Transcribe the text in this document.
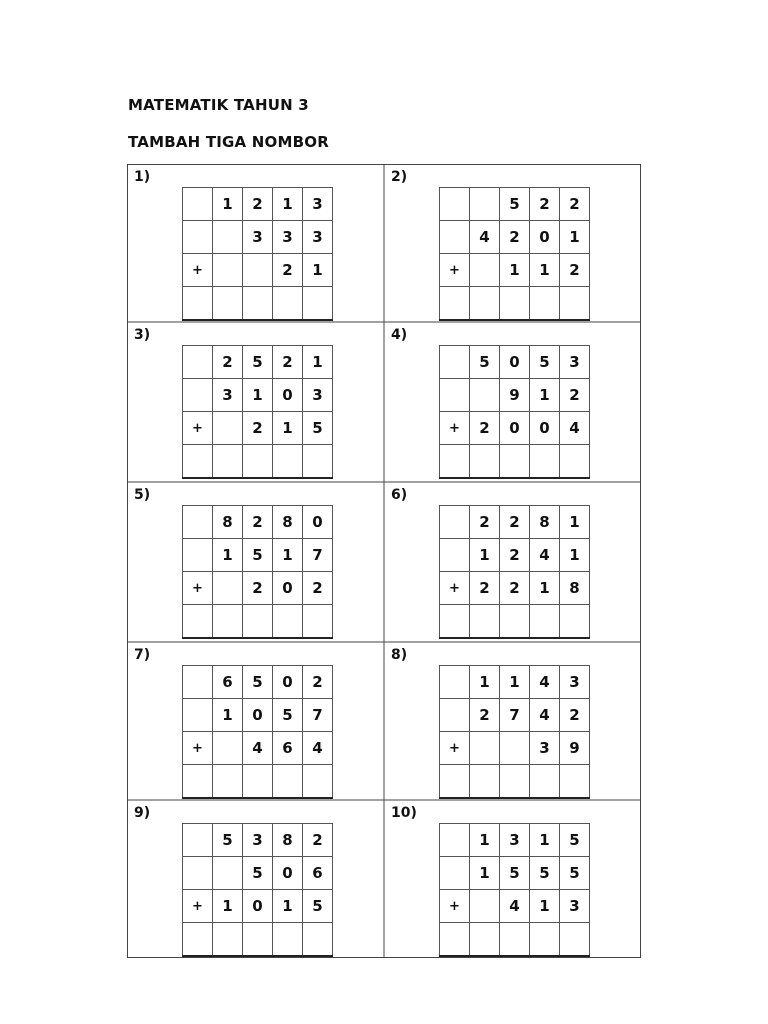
MATEMATIK TAHUN 3
TAMBAH TIGA NOMBOR
1)
	1	2	1	3
		3	3	3
+			2	1

2)
		5	2	2
	4	2	0	1
+		1	1	2

3)
	2	5	2	1
	3	1	0	3
+		2	1	5

4)
	5	0	5	3
		9	1	2
+	2	0	0	4

5)
	8	2	8	0
	1	5	1	7
+		2	0	2

6)
	2	2	8	1
	1	2	4	1
+	2	2	1	8

7)
	6	5	0	2
	1	0	5	7
+		4	6	4

8)
	1	1	4	3
	2	7	4	2
+			3	9

9)
	5	3	8	2
		5	0	6
+	1	0	1	5

10)
	1	3	1	5
	1	5	5	5
+		4	1	3
